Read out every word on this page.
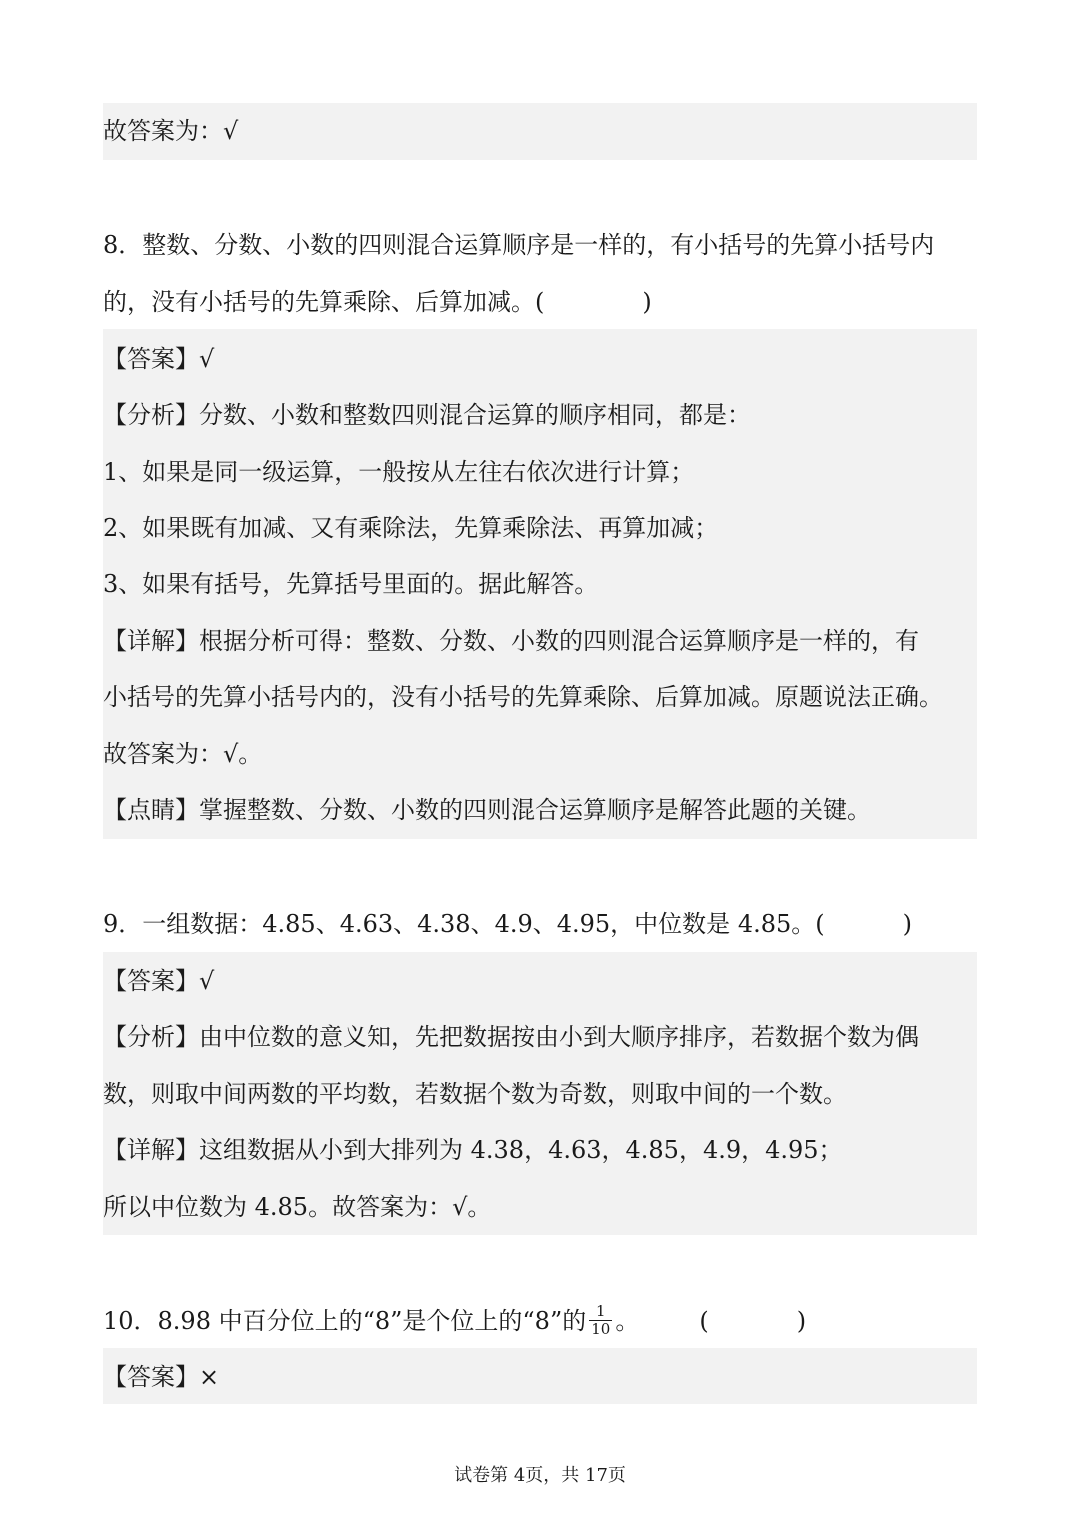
故答案为：√
8．整数、分数、小数的四则混合运算顺序是一样的，有小括号的先算小括号内
的，没有小括号的先算乘除、后算加减。(	)
【答案】√
【分析】分数、小数和整数四则混合运算的顺序相同，都是：
1、如果是同一级运算，一般按从左往右依次进行计算；
2、如果既有加减、又有乘除法，先算乘除法、再算加减；
3、如果有括号，先算括号里面的。据此解答。
【详解】根据分析可得：整数、分数、小数的四则混合运算顺序是一样的，有
小括号的先算小括号内的，没有小括号的先算乘除、后算加减。原题说法正确。
故答案为：√。
【点睛】掌握整数、分数、小数的四则混合运算顺序是解答此题的关键。
9．一组数据：4.85、4.63、4.38、4.9、4.95，中位数是 4.85。(	)
【答案】√
【分析】由中位数的意义知，先把数据按由小到大顺序排序，若数据个数为偶
数，则取中间两数的平均数，若数据个数为奇数，则取中间的一个数。
【详解】这组数据从小到大排列为 4.38，4.63，4.85，4.9，4.95；
所以中位数为 4.85。故答案为：√。
10．8.98 中百分位上的“8”是个位上的“8”的 $\frac{1}{10}$ 。	(	)
【答案】×
试卷第 4页，共 17页
